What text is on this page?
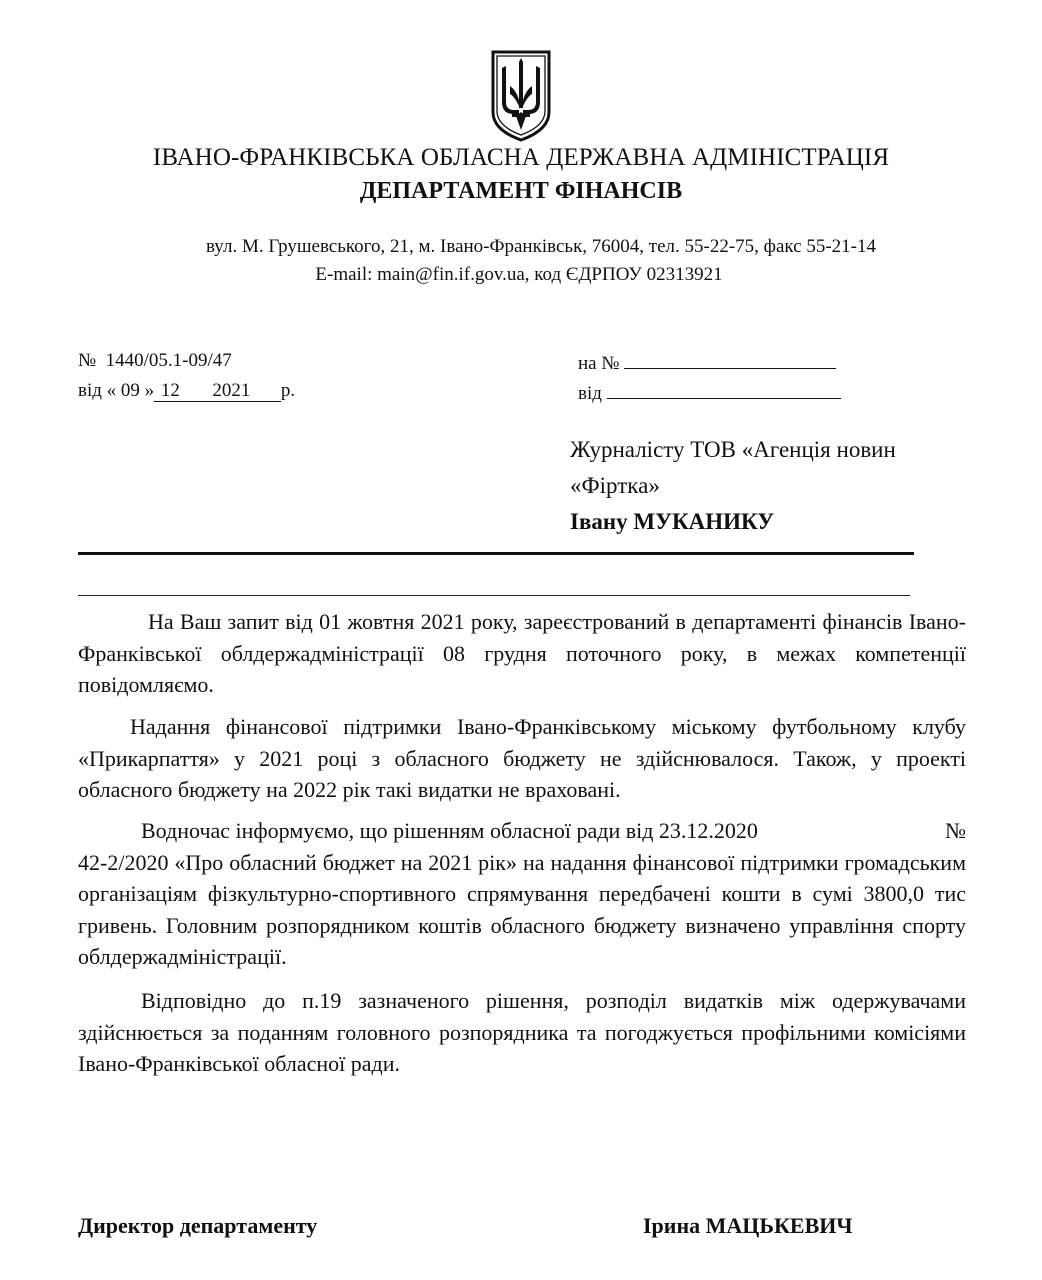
ІВАНО-ФРАНКІВСЬКА ОБЛАСНА ДЕРЖАВНА АДМІНІСТРАЦІЯ
ДЕПАРТАМЕНТ ФІНАНСІВ
вул. М. Грушевського, 21, м. Івано-Франківськ, 76004, тел. 55-22-75, факс 55-21-14
E-mail: main@fin.if.gov.ua, код ЄДРПОУ 02313921
№ 1440/05.1-09/47
від « 09 » 12 2021 р.
на №
від
Журналісту ТОВ «Агенція новин
«Фіртка»
Івану МУКАНИКУ
На Ваш запит від 01 жовтня 2021 року, зареєстрований в департаменті фінансів Івано-Франківської облдержадміністрації 08 грудня поточного року, в межах компетенції повідомляємо.
Надання фінансової підтримки Івано-Франківському міському футбольному клубу «Прикарпаття» у 2021 році з обласного бюджету не здійснювалося. Також, у проекті обласного бюджету на 2022 рік такі видатки не враховані.
Водночас інформуємо, що рішенням обласної ради від 23.12.2020	№

42-2/2020 «Про обласний бюджет на 2021 рік» на надання фінансової підтримки громадським організаціям фізкультурно-спортивного спрямування передбачені кошти в сумі 3800,0 тис гривень. Головним розпорядником коштів обласного бюджету визначено управління спорту облдержадміністрації.
Відповідно до п.19 зазначеного рішення, розподіл видатків між одержувачами здійснюється за поданням головного розпорядника та погоджується профільними комісіями Івано-Франківської обласної ради.
Директор департаменту	Ірина МАЦЬКЕВИЧ
